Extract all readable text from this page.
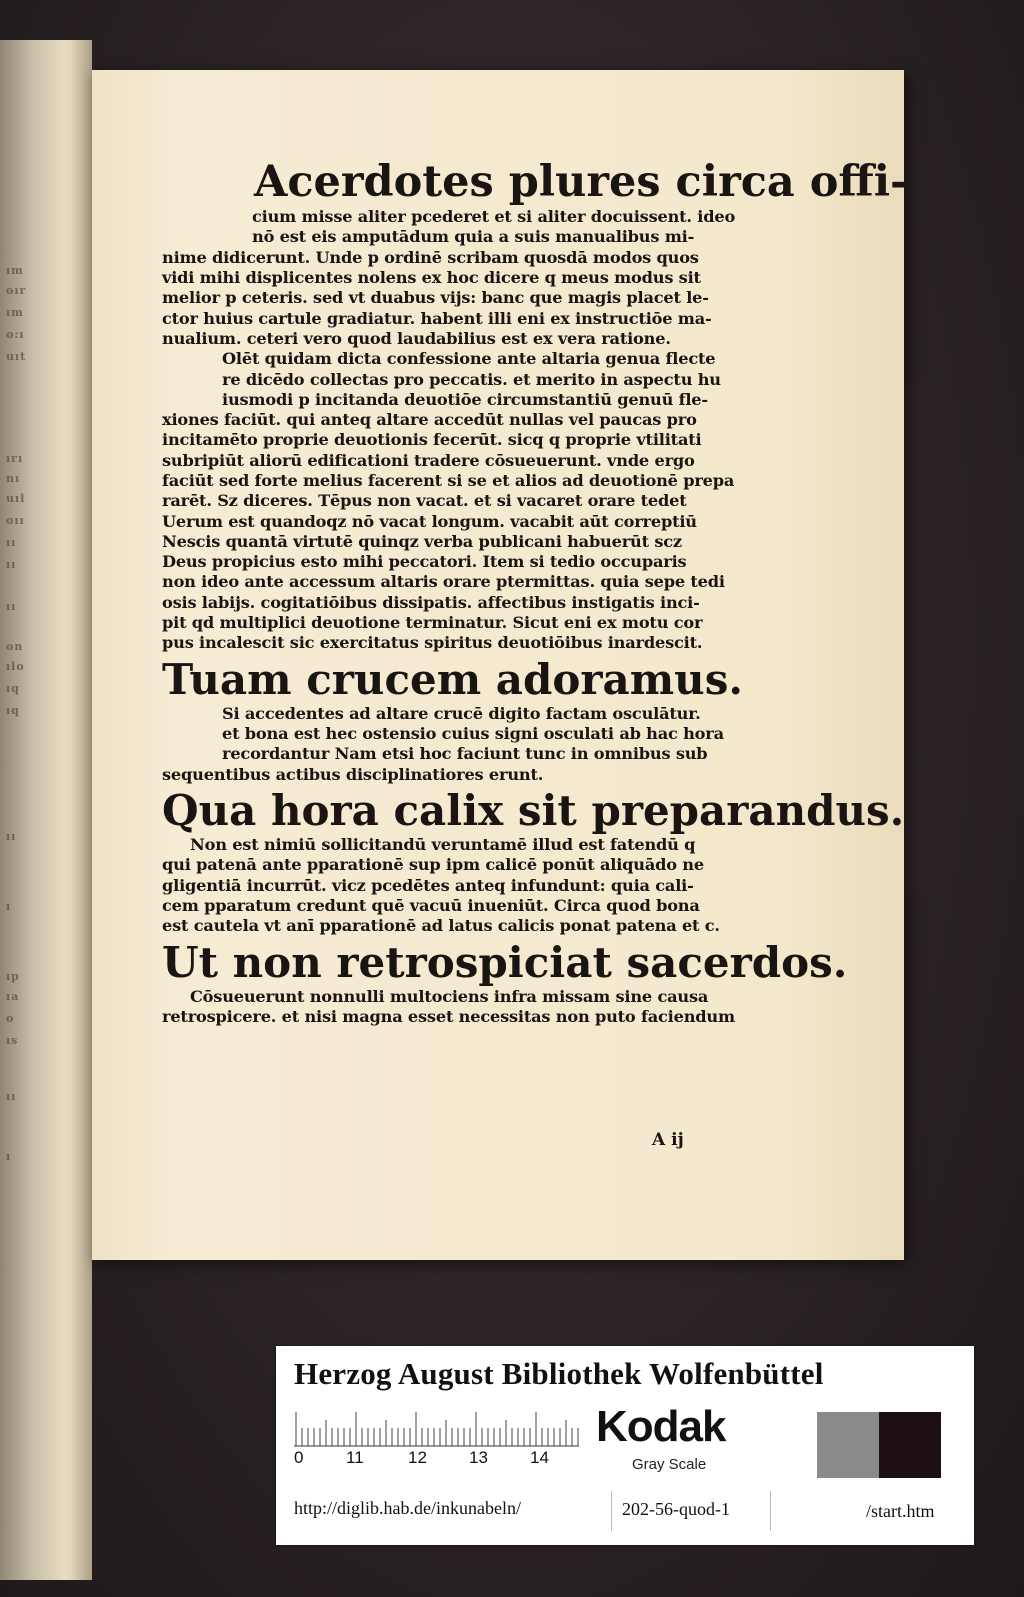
ım
oır
ım
o:ı
uıt
ırı
nı
uıl
oıı
ıı
ıı
ıı
on
ılo
ıq
ıq
ıı
ı
ıp
ıa
o
ıs
ıı
ı
Acerdotes plures circa offi-
cium misse aliter pcederet et si aliter docuissent. ideo
nō est eis amputādum quia a suis manualibus mi-
nime didicerunt. Unde p ordinē scribam quosdā modos quos
vidi mihi displicentes nolens ex hoc dicere q meus modus sit
melior p ceteris. sed vt duabus vijs: banc que magis placet le-
ctor huius cartule gradiatur. habent illi eni ex instructiōe ma-
nualium. ceteri vero quod laudabilius est ex vera ratione.
Olēt quidam dicta confessione ante altaria genua flecte
re dicēdo collectas pro peccatis. et merito in aspectu hu
iusmodi p incitanda deuotiōe circumstantiū genuū fle-
xiones faciūt. qui anteq altare accedūt nullas vel paucas pro
incitamēto proprie deuotionis fecerūt. sicq q proprie vtilitati
subripiūt aliorū edificationi tradere cōsueuerunt. vnde ergo
faciūt sed forte melius facerent si se et alios ad deuotionē prepa
rarēt. Sz diceres. Tēpus non vacat. et si vacaret orare tedet
Uerum est quandoqz nō vacat longum. vacabit aūt correptiū
Nescis quantā virtutē quinqz verba publicani habuerūt scz
Deus propicius esto mihi peccatori. Item si tedio occuparis
non ideo ante accessum altaris orare ptermittas. quia sepe tedi
osis labijs. cogitatiōibus dissipatis. affectibus instigatis inci-
pit qd multiplici deuotione terminatur. Sicut eni ex motu cor
pus incalescit sic exercitatus spiritus deuotiōibus inardescit.
Tuam crucem adoramus.
Si accedentes ad altare crucē digito factam osculātur.
et bona est hec ostensio cuius signi osculati ab hac hora
recordantur Nam etsi hoc faciunt tunc in omnibus sub
sequentibus actibus disciplinatiores erunt.
Qua hora calix sit preparandus.
Non est nimiū sollicitandū veruntamē illud est fatendū q
qui patenā ante pparationē sup ipm calicē ponūt aliquādo ne
gligentiā incurrūt. vicz pcedētes anteq infundunt: quia cali-
cem pparatum credunt quē vacuū inueniūt. Circa quod bona
est cautela vt anī pparationē ad latus calicis ponat patena et c.
Ut non retrospiciat sacerdos.
Cōsueuerunt nonnulli multociens infra missam sine causa
retrospicere. et nisi magna esset necessitas non puto faciendum
A ij
Herzog August Bibliothek Wolfenbüttel
0	11	12 13 14
Kodak
Gray Scale
http://diglib.hab.de/inkunabeln/	202-56-quod-1	/start.htm
